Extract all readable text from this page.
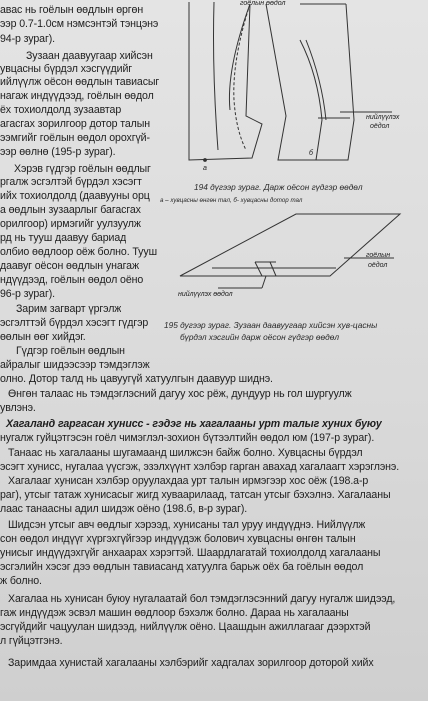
авас нь гоёлын өөдлын өргөн
ээр 0.7-1.0см нэмсэнтэй тэнцэнэ
94-р зураг).
Зузаан даавуугаар хийсэн
увцасны бүрдэл хэсгүүдийг
ийлүүлж оёсон өөдлын тавиасыг
нагаж индүүдээд, гоёлын өөдол
ёх тохиолдолд зузаавтар
агасгах зорилгоор дотор талын
ээмгийг гоёлын өөдол орохгүй-
ээр өөлнө (195-р зураг).
Хэрэв гүдгэр гоёлын өөдлыг
ргалж эсгэлтэй бүрдэл хэсэгт
ийх тохиолдолд (даавууны орц
а өөдлын зузаарлыг багасгах
орилгоор) ирмэгийг уулзуулж
рд нь тууш даавуу бариад
олбио өөдлоор оёж болно. Тууш
даавуг оёсон өөдлын унагаж
ндүүдээд, гоёлын өөдол оёно
96-р зураг).
Зарим загварт үргэлж
эсгэлттэй бүрдэл хэсэгт гүдгэр
өөлын өөг хийдэг.
Гүдгэр гоёлын өөдлын
айралыг шидээсээр тэмдэглэж
гоёлын өөдол
нийлүүлэх
оёдол
а
б
194 дүгээр зураг. Дарж оёсон гүдгэр өөдөл
а – хувцасны өнгөн тал, б- хувцасны дотор тал
гоёлын
оёдол
нийлүүлэх өөдол
195 дугээр зураг. Зузаан даавуугаар хийсэн хув-цасны
бүрдэл хэсгийн дарж оёсон гүдгэр өөдөл
олно. Дотор талд нь цавуугүй хатуулгын даавуур шиднэ.
Өнгөн талаас нь тэмдэглэсний дагуу хос рёж, дундуур нь гол шургуулж
увлэнэ.
Хагаланд гаргасан хунисс - гэдэг нь хагалааны урт талыг хуних буюу
нугалж гуйцэтгэсэн гоёл чимэглэл-зохион бүтээлтийн өөдол юм (197-р зураг).
Танаас нь хагалааны шугамаанд шилжсэн байж болно. Хувцасны бүрдэл
эсэгт хунисс, нугалаа үүсгэж, эзэлхүүнт хэлбэр гарган авахад хагалаагт хэрэглэнэ.
Хагалааг хунисан хэлбэр оруулахдаа урт талын ирмэгээр хос оёж (198.а-р
раг), утсыг татаж хунисасыг жигд хуваарилаад, татсан утсыг бэхэлнэ. Хагалааны
лаас танаасны адил шидэж оёно (198.б, в-р зураг).
Шидсэн утсыг авч өөдлыг хэрээд, хунисаны тал уруу индүүднэ. Нийлүүлж
сон өөдол индүүг хүргэхгүйгээр индүүдэж болович хувцасны өнгөн талын
унисыг индүүдэхгүйг анхаарах хэрэгтэй. Шаардлагатай тохиолдолд хагалааны
эсгэлийн хэсэг дээ өөдлын тавиасанд хатуулга барьж оёх ба гоёлын өөдол
ж болно.
Хагалаа нь хунисан буюу нугалаатай бол тэмдэглэсэнний дагуу нугалж шидээд,
гаж индүүдэж эсвэл машин өөдлоор бэхэлж болно. Дараа нь хагалааны
эсгүйдийг чацуулан шидээд, нийлүүлж оёно. Цаашдын ажиллагааг дээрхтэй
л гүйцэтгэнэ.
Заримдаа хунистай хагалааны хэлбэрийг хадгалах зорилгоор доторой хийх
